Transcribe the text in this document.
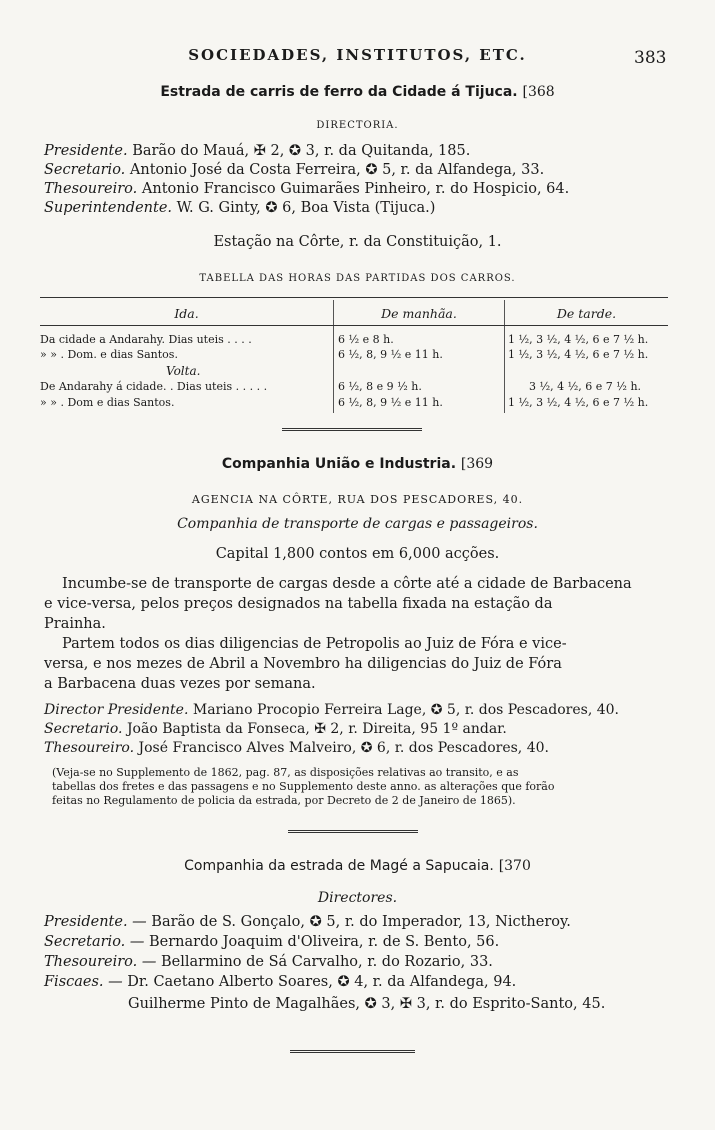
SOCIEDADES, INSTITUTOS, ETC.	383
Estrada de carris de ferro da Cidade á Tijuca. [368
DIRECTORIA.
Presidente. Barão do Mauá, ✠ 2, ✪ 3, r. da Quitanda, 185.
Secretario. Antonio José da Costa Ferreira, ✪ 5, r. da Alfandega, 33.
Thesoureiro. Antonio Francisco Guimarães Pinheiro, r. do Hospicio, 64.
Superintendente. W. G. Ginty, ✪ 6, Boa Vista (Tijuca.)
Estação na Côrte, r. da Constituição, 1.
TABELLA DAS HORAS DAS PARTIDAS DOS CARROS.
Ida.	De manhãa.	De tarde.
Da cidade a Andarahy. Dias uteis . . . .	6 ½ e 8 h.	1 ½, 3 ½, 4 ½, 6 e 7 ½ h.
» » . Dom. e dias Santos.	6 ½, 8, 9 ½ e 11 h.	1 ½, 3 ½, 4 ½, 6 e 7 ½ h.
Volta.
De Andarahy á cidade. . Dias uteis . . . . .	6 ½, 8 e 9 ½ h.	3 ½, 4 ½, 6 e 7 ½ h.
» » . Dom e dias Santos.	6 ½, 8, 9 ½ e 11 h.	1 ½, 3 ½, 4 ½, 6 e 7 ½ h.
Companhia União e Industria. [369
AGENCIA NA CÔRTE, RUA DOS PESCADORES, 40.
Companhia de transporte de cargas e passageiros.
Capital 1,800 contos em 6,000 acções.
Incumbe-se de transporte de cargas desde a côrte até a cidade de Barbacena
e vice-versa, pelos preços designados na tabella fixada na estação da
Prainha.
Partem todos os dias diligencias de Petropolis ao Juiz de Fóra e vice-
versa, e nos mezes de Abril a Novembro ha diligencias do Juiz de Fóra
a Barbacena duas vezes por semana.
Director Presidente. Mariano Procopio Ferreira Lage, ✪ 5, r. dos Pescadores, 40.
Secretario. João Baptista da Fonseca, ✠ 2, r. Direita, 95 1º andar.
Thesoureiro. José Francisco Alves Malveiro, ✪ 6, r. dos Pescadores, 40.
(Veja-se no Supplemento de 1862, pag. 87, as disposições relativas ao transito, e as
tabellas dos fretes e das passagens e no Supplemento deste anno. as alterações que forão
feitas no Regulamento de policia da estrada, por Decreto de 2 de Janeiro de 1865).
Companhia da estrada de Magé a Sapucaia. [370
Directores.
Presidente. — Barão de S. Gonçalo, ✪ 5, r. do Imperador, 13, Nictheroy.
Secretario. — Bernardo Joaquim d'Oliveira, r. de S. Bento, 56.
Thesoureiro. — Bellarmino de Sá Carvalho, r. do Rozario, 33.
Fiscaes. — Dr. Caetano Alberto Soares, ✪ 4, r. da Alfandega, 94.
Guilherme Pinto de Magalhães, ✪ 3, ✠ 3, r. do Esprito-Santo, 45.
